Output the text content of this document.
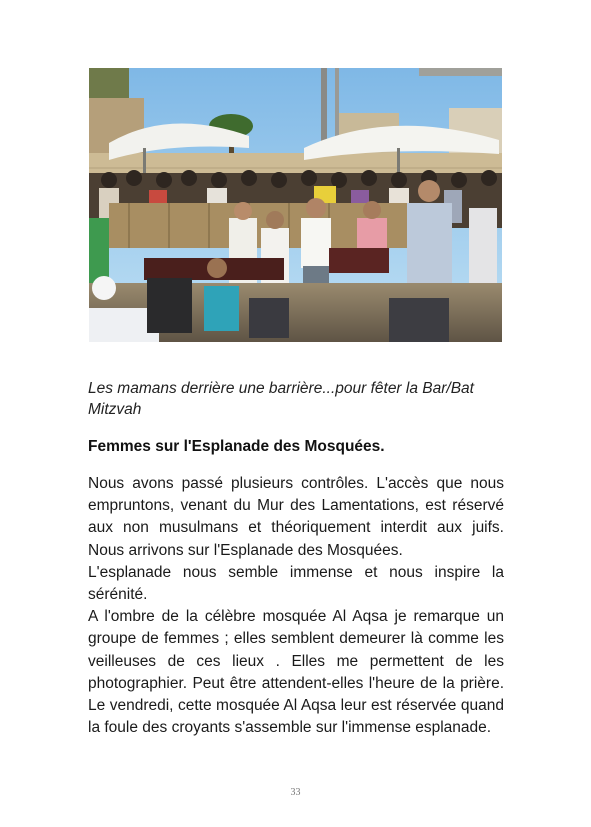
Les mamans derrière une barrière...pour fêter la Bar/Bat Mitzvah
Femmes sur l'Esplanade des Mosquées.

Nous avons passé plusieurs contrôles. L'accès que nous empruntons, venant du Mur des Lamentations, est réservé aux non musulmans et théoriquement interdit aux juifs. Nous arrivons sur l'Esplanade des Mosquées.

L'esplanade nous semble immense et nous inspire la sérénité.

A l'ombre de la célèbre mosquée Al Aqsa je remarque un groupe de femmes ; elles semblent demeurer là comme les veilleuses de ces lieux . Elles me permettent de les photographier. Peut être attendent-elles l'heure de la prière. Le vendredi, cette mosquée Al Aqsa leur est réservée quand la foule des croyants s'assemble sur l'immense esplanade.

33
